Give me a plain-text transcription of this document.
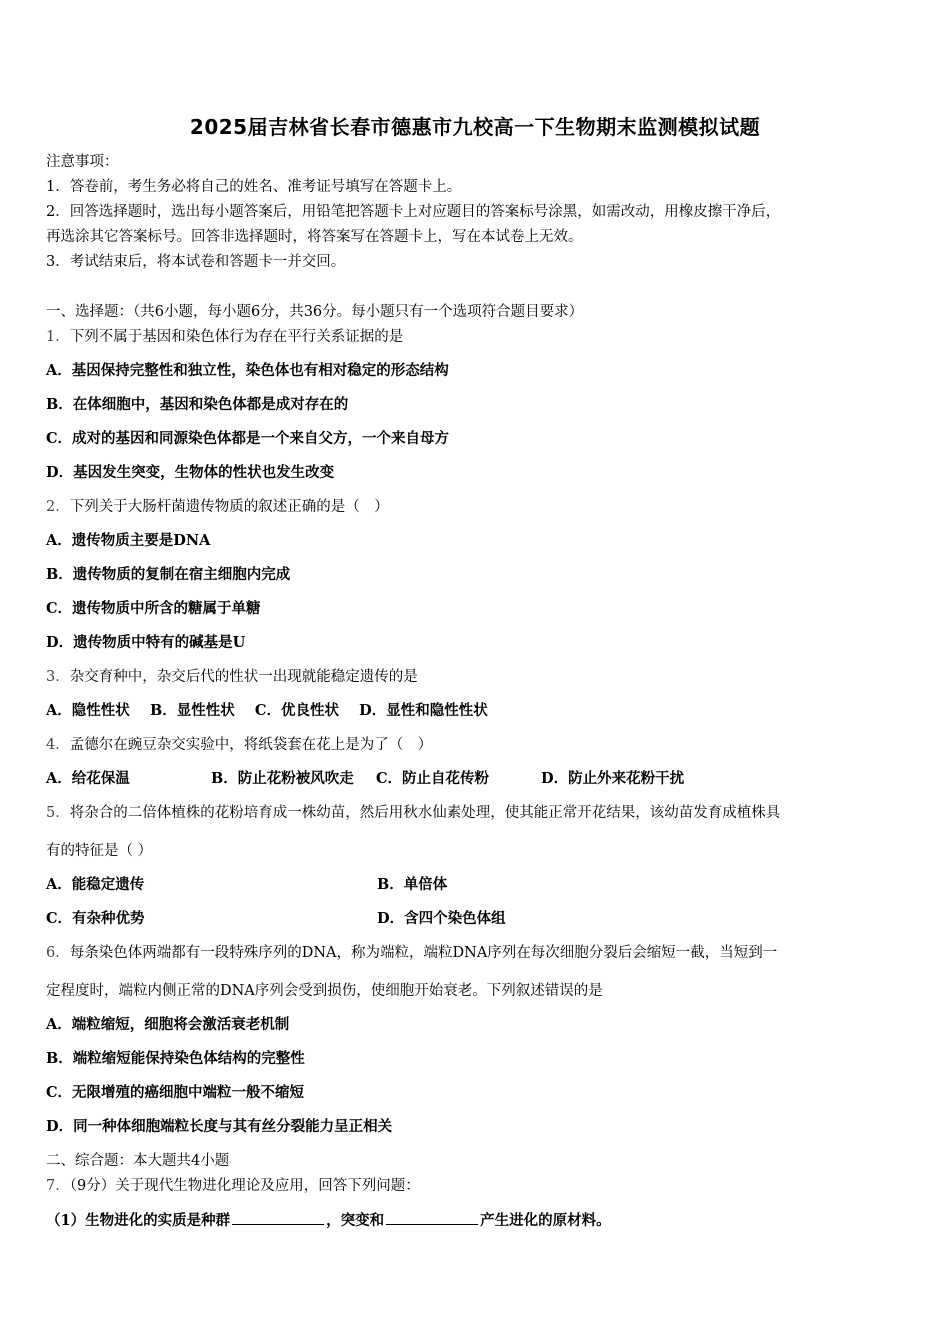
2025届吉林省长春市德惠市九校高一下生物期末监测模拟试题
注意事项：
1．答卷前，考生务必将自己的姓名、准考证号填写在答题卡上。
2．回答选择题时，选出每小题答案后，用铅笔把答题卡上对应题目的答案标号涂黑，如需改动，用橡皮擦干净后，
再选涂其它答案标号。回答非选择题时，将答案写在答题卡上，写在本试卷上无效。
3．考试结束后，将本试卷和答题卡一并交回。
一、选择题：（共6小题，每小题6分，共36分。每小题只有一个选项符合题目要求）
1．下列不属于基因和染色体行为存在平行关系证据的是
A．基因保持完整性和独立性，染色体也有相对稳定的形态结构
B．在体细胞中，基因和染色体都是成对存在的
C．成对的基因和同源染色体都是一个来自父方，一个来自母方
D．基因发生突变，生物体的性状也发生改变
2．下列关于大肠杆菌遗传物质的叙述正确的是（　）
A．遗传物质主要是DNA
B．遗传物质的复制在宿主细胞内完成
C．遗传物质中所含的糖属于单糖
D．遗传物质中特有的碱基是U
3．杂交育种中，杂交后代的性状一出现就能稳定遗传的是
A．隐性性状 B．显性性状 C．优良性状 D．显性和隐性性状
4．孟德尔在豌豆杂交实验中，将纸袋套在花上是为了（　）
A．给花保温	B．防止花粉被风吹走 C．防止自花传粉	D．防止外来花粉干扰
5．将杂合的二倍体植株的花粉培育成一株幼苗，然后用秋水仙素处理，使其能正常开花结果，该幼苗发育成植株具
有的特征是（ ）
A．能稳定遗传	B．单倍体
C．有杂种优势	D．含四个染色体组
6．每条染色体两端都有一段特殊序列的DNA，称为端粒，端粒DNA序列在每次细胞分裂后会缩短一截，当短到一
定程度时，端粒内侧正常的DNA序列会受到损伤，使细胞开始衰老。下列叙述错误的是
A．端粒缩短，细胞将会激活衰老机制
B．端粒缩短能保持染色体结构的完整性
C．无限增殖的癌细胞中端粒一般不缩短
D．同一种体细胞端粒长度与其有丝分裂能力呈正相关
二、综合题：本大题共4小题
7．（9分）关于现代生物进化理论及应用，回答下列问题：
（1）生物进化的实质是种群	，突变和	产生进化的原材料。
